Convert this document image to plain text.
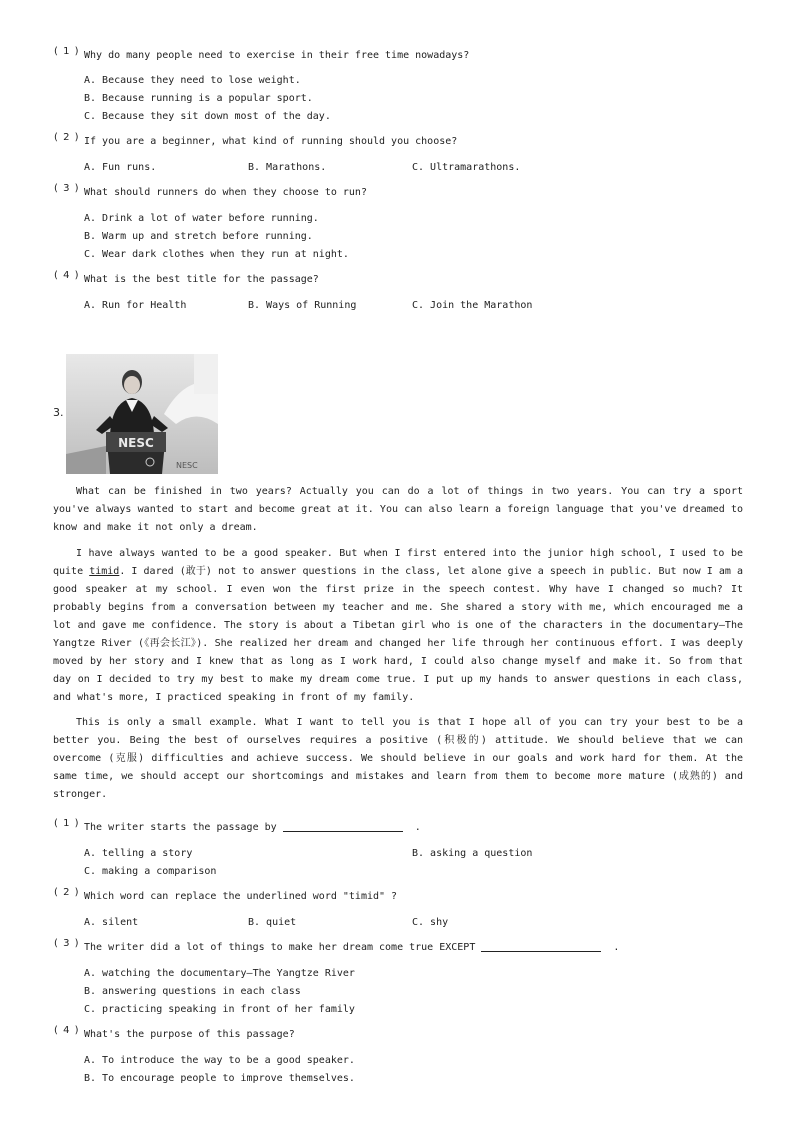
( 1 ) Why do many people need to exercise in their free time nowadays?
A. Because they need to lose weight.
B. Because running is a popular sport.
C. Because they sit down most of the day.
( 2 ) If you are a beginner, what kind of running should you choose?
A. Fun runs.	B. Marathons.	C. Ultramarathons.
( 3 ) What should runners do when they choose to run?
A. Drink a lot of water before running.
B. Warm up and stretch before running.
C. Wear dark clothes when they run at night.
( 4 ) What is the best title for the passage?
A. Run for Health	B. Ways of Running	C. Join the Marathon
3.
NESC
NESC
What can be finished in two years? Actually you can do a lot of things in two years. You can try a sport you've always wanted to start and become great at it. You can also learn a foreign language that you've dreamed to know and make it not only a dream.
I have always wanted to be a good speaker. But when I first entered into the junior high school, I used to be quite timid. I dared (敢于) not to answer questions in the class, let alone give a speech in public. But now I am a good speaker at my school. I even won the first prize in the speech contest. Why have I changed so much? It probably begins from a conversation between my teacher and me. She shared a story with me, which encouraged me a lot and gave me confidence. The story is about a Tibetan girl who is one of the characters in the documentary—The Yangtze River (《再会长江》). She realized her dream and changed her life through her continuous effort. I was deeply moved by her story and I knew that as long as I work hard, I could also change myself and make it. So from that day on I decided to try my best to make my dream come true. I put up my hands to answer questions in each class, and what's more, I practiced speaking in front of my family.
This is only a small example. What I want to tell you is that I hope all of you can try your best to be a better you. Being the best of ourselves requires a positive (积极的) attitude. We should believe that we can overcome (克服) difficulties and achieve success. We should believe in our goals and work hard for them. At the same time, we should accept our shortcomings and mistakes and learn from them to become more mature (成熟的) and stronger.
( 1 ) The writer starts the passage by	.
A. telling a story	B. asking a question
C. making a comparison
( 2 ) Which word can replace the underlined word "timid" ?
A. silent	B. quiet	C. shy
( 3 ) The writer did a lot of things to make her dream come true EXCEPT	.
A. watching the documentary—The Yangtze River
B. answering questions in each class
C. practicing speaking in front of her family
( 4 ) What's the purpose of this passage?
A. To introduce the way to be a good speaker.
B. To encourage people to improve themselves.
